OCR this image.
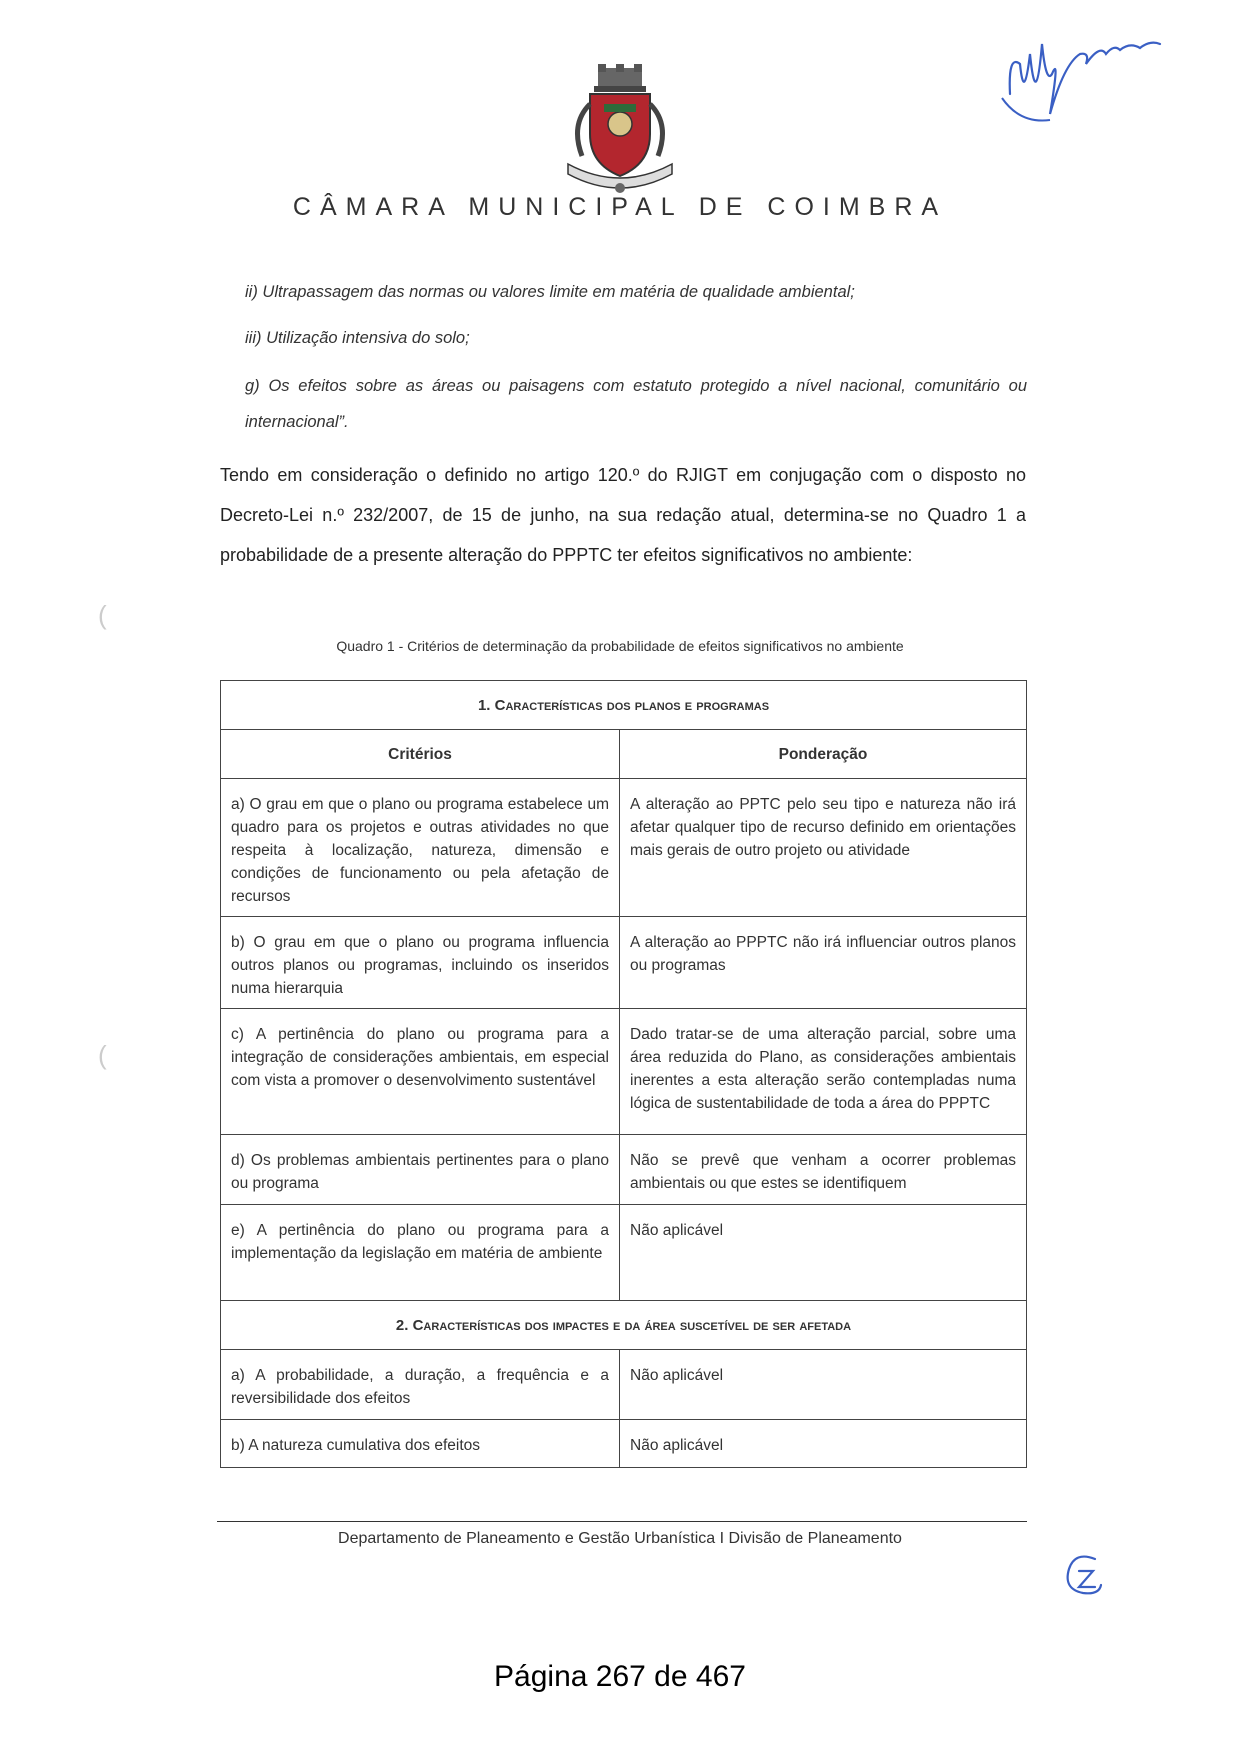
CÂMARA MUNICIPAL DE COIMBRA
ii) Ultrapassagem das normas ou valores limite em matéria de qualidade ambiental;
iii) Utilização intensiva do solo;
g) Os efeitos sobre as áreas ou paisagens com estatuto protegido a nível nacional, comunitário ou internacional”.
Tendo em consideração o definido no artigo 120.º do RJIGT em conjugação com o disposto no Decreto-Lei n.º 232/2007, de 15 de junho, na sua redação atual, determina-se no Quadro 1 a probabilidade de a presente alteração do PPPTC ter efeitos significativos no ambiente:
(
(
Quadro 1 - Critérios de determinação da probabilidade de efeitos significativos no ambiente
1. Características dos planos e programas	
Critérios	Ponderação
a) O grau em que o plano ou programa estabelece um quadro para os projetos e outras atividades no que respeita à localização, natureza, dimensão e condições de funcionamento ou pela afetação de recursos	A alteração ao PPTC pelo seu tipo e natureza não irá afetar qualquer tipo de recurso definido em orientações mais gerais de outro projeto ou atividade
b) O grau em que o plano ou programa influencia outros planos ou programas, incluindo os inseridos numa hierarquia	A alteração ao PPPTC não irá influenciar outros planos ou programas
c) A pertinência do plano ou programa para a integração de considerações ambientais, em especial com vista a promover o desenvolvimento sustentável	Dado tratar-se de uma alteração parcial, sobre uma área reduzida do Plano, as considerações ambientais inerentes a esta alteração serão contempladas numa lógica de sustentabilidade de toda a área do PPPTC
d) Os problemas ambientais pertinentes para o plano ou programa	Não se prevê que venham a ocorrer problemas ambientais ou que estes se identifiquem
e) A pertinência do plano ou programa para a implementação da legislação em matéria de ambiente	Não aplicável
2. Características dos impactes e da área suscetível de ser afetada	
a) A probabilidade, a duração, a frequência e a reversibilidade dos efeitos	Não aplicável
b) A natureza cumulativa dos efeitos	Não aplicável
Departamento de Planeamento e Gestão Urbanística I Divisão de Planeamento
Página 267 de 467
